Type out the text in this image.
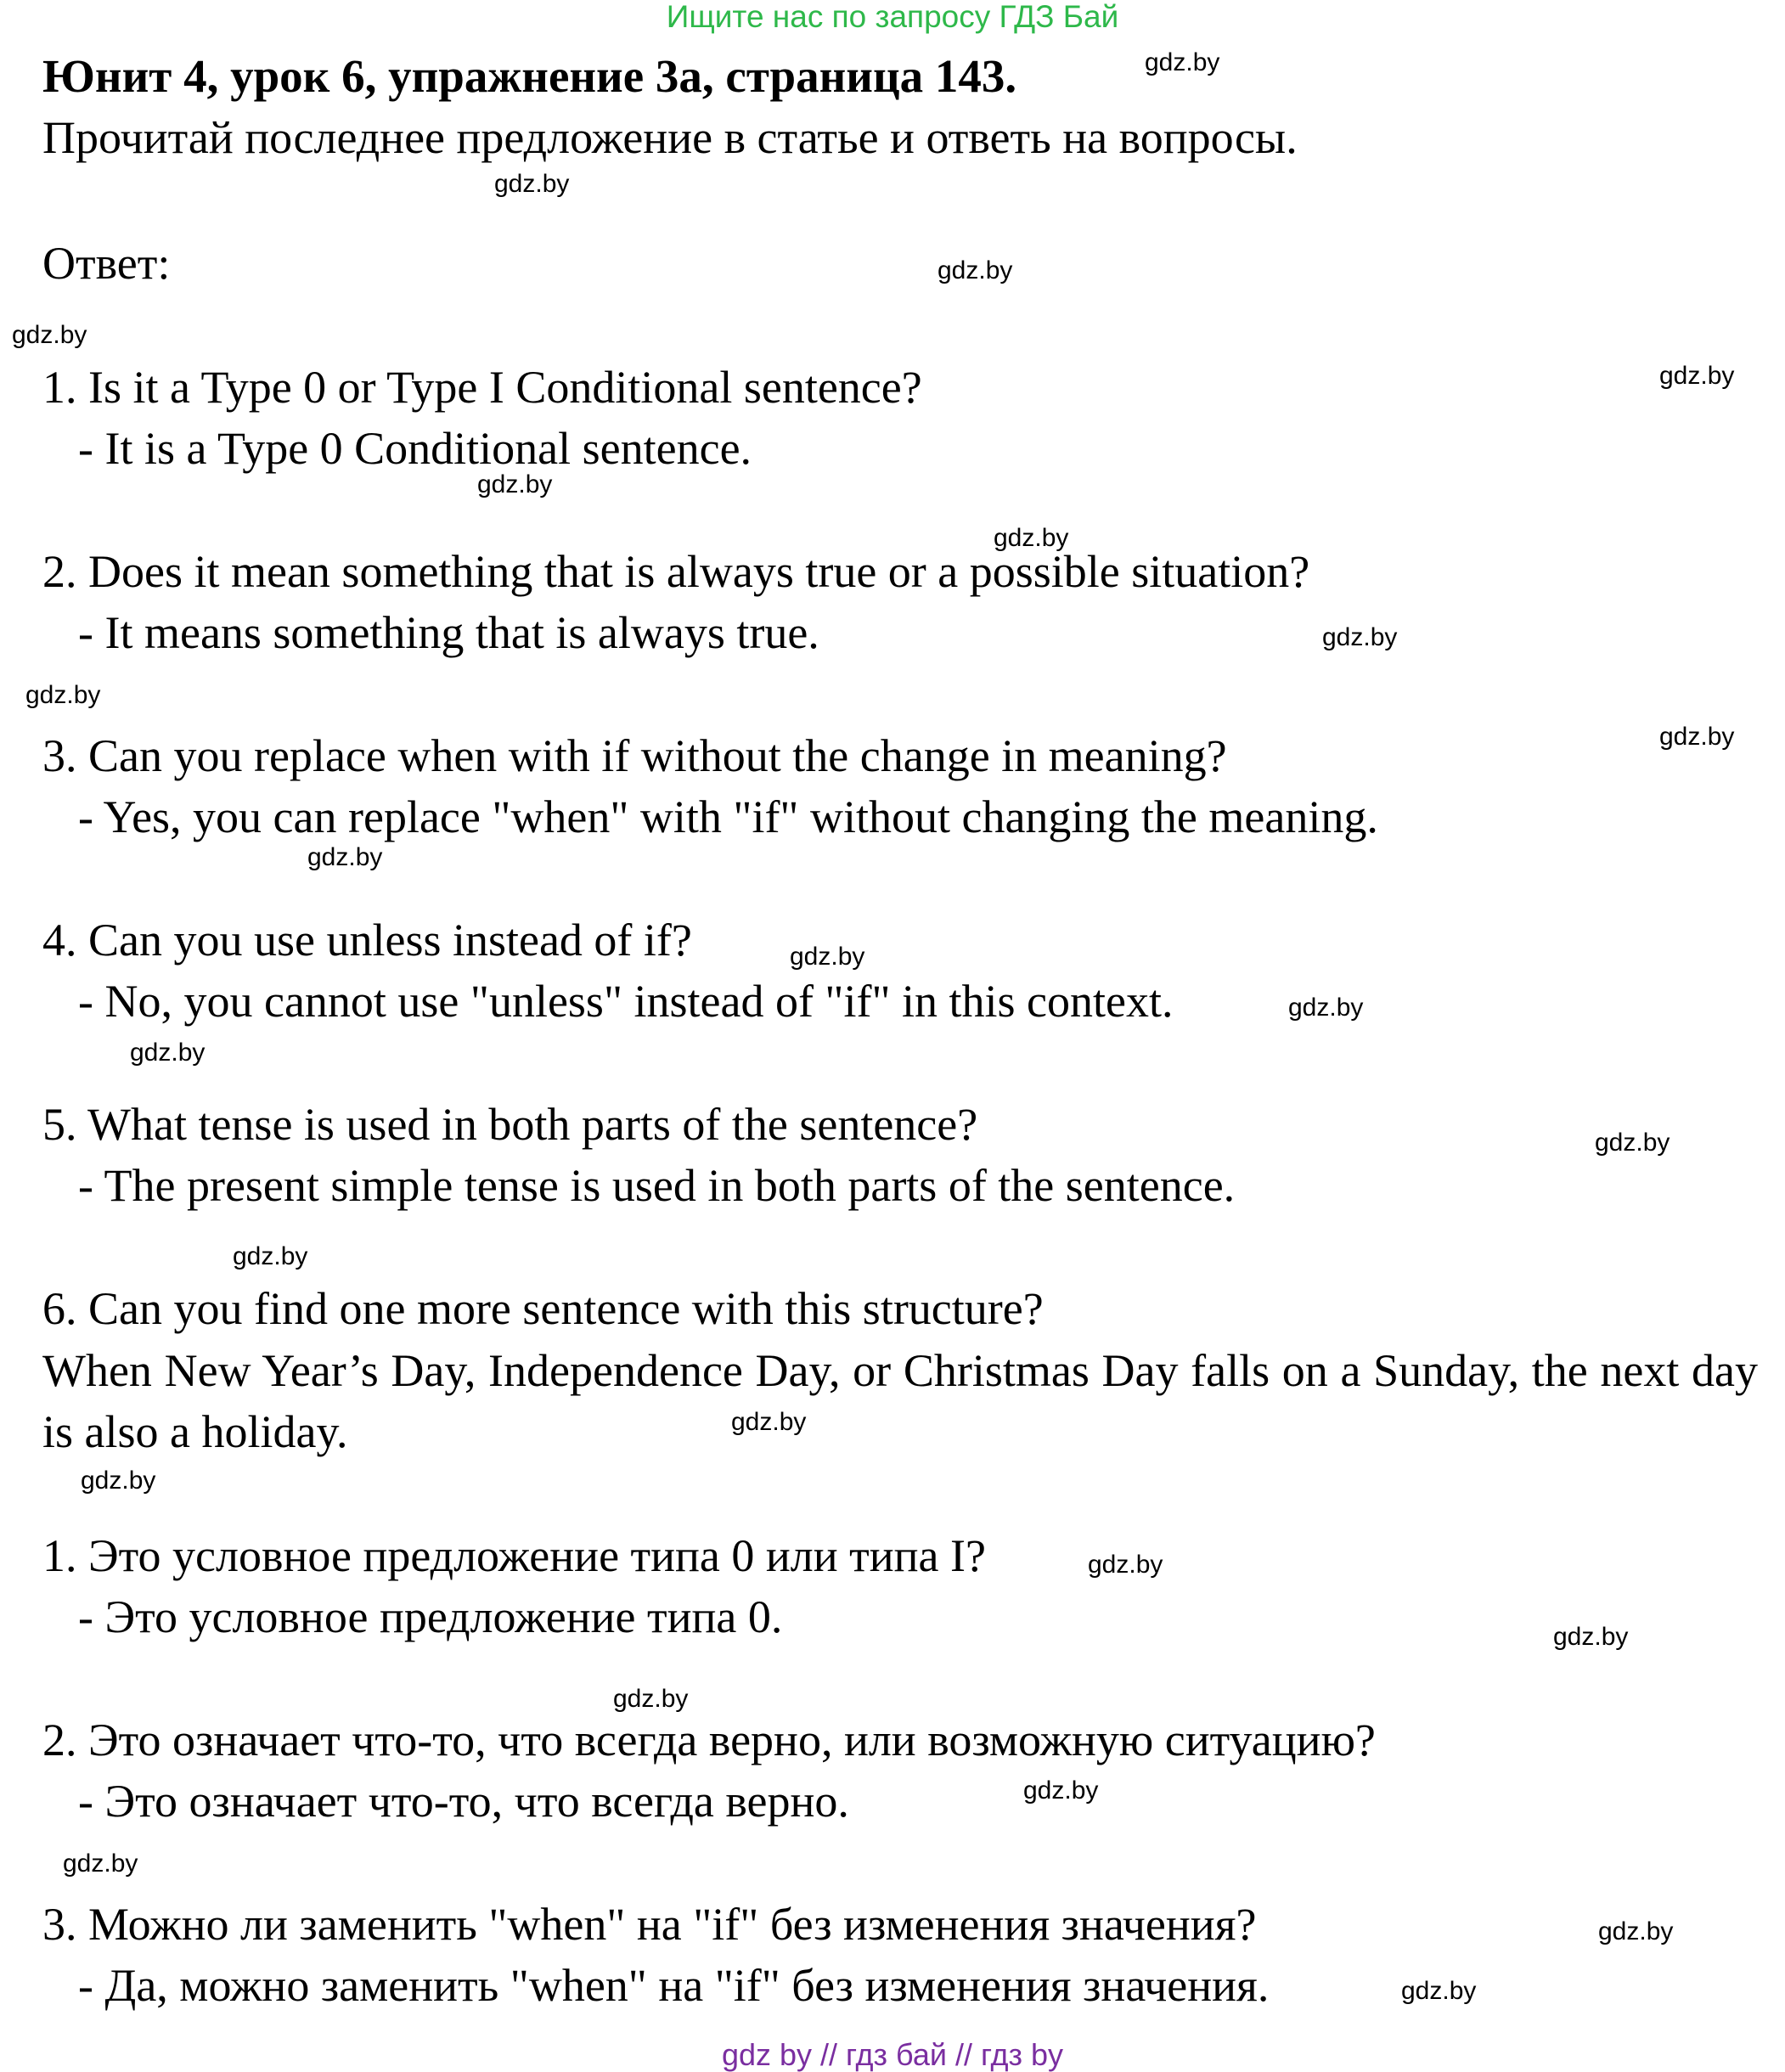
Ищите нас по запросу ГДЗ Бай
Юнит 4, урок 6, упражнение 3а, страница 143.
Прочитай последнее предложение в статье и ответь на вопросы.
Ответ:
1. Is it a Type 0 or Type I Conditional sentence?
- It is a Type 0 Conditional sentence.
2. Does it mean something that is always true or a possible situation?
- It means something that is always true.
3. Can you replace when with if without the change in meaning?
- Yes, you can replace "when" with "if" without changing the meaning.
4. Can you use unless instead of if?
- No, you cannot use "unless" instead of "if" in this context.
5. What tense is used in both parts of the sentence?
- The present simple tense is used in both parts of the sentence.
6. Can you find one more sentence with this structure?
When New Year’s Day, Independence Day, or Christmas Day falls on a Sunday, the next day is also a holiday.
1. Это условное предложение типа 0 или типа I?
- Это условное предложение типа 0.
2. Это означает что-то, что всегда верно, или возможную ситуацию?
- Это означает что-то, что всегда верно.
3. Можно ли заменить "when" на "if" без изменения значения?
- Да, можно заменить "when" на "if" без изменения значения.
gdz.by
gdz.by
gdz.by
gdz.by
gdz.by
gdz.by
gdz.by
gdz.by
gdz.by
gdz.by
gdz.by
gdz.by
gdz.by
gdz.by
gdz.by
gdz.by
gdz.by
gdz.by
gdz.by
gdz.by
gdz.by
gdz.by
gdz.by
gdz.by
gdz.by
gdz by // гдз бай // гдз by
